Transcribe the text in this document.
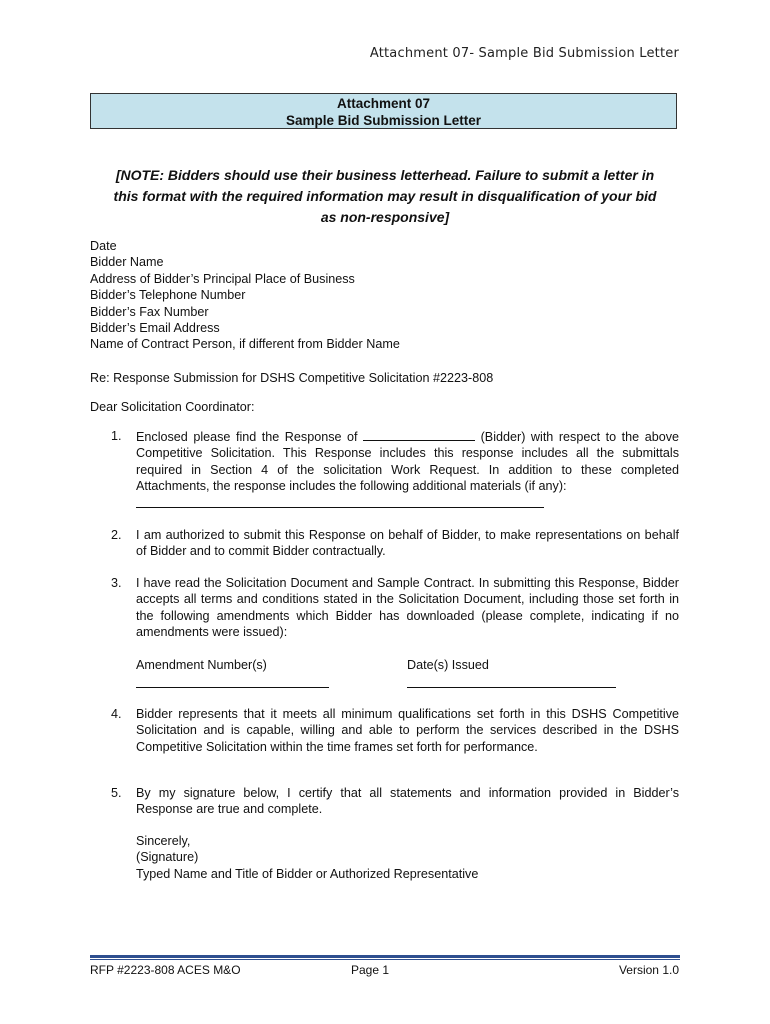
Attachment 07- Sample Bid Submission Letter
Attachment 07
Sample Bid Submission Letter
[NOTE: Bidders should use their business letterhead. Failure to submit a letter in
this format with the required information may result in disqualification of your bid
as non-responsive]
Date
Bidder Name
Address of Bidder’s Principal Place of Business
Bidder’s Telephone Number
Bidder’s Fax Number
Bidder’s Email Address
Name of Contract Person, if different from Bidder Name
Re: Response Submission for DSHS Competitive Solicitation #2223-808
Dear Solicitation Coordinator:
1. Enclosed please find the Response of	(Bidder) with respect to the above Competitive Solicitation. This Response includes this response includes all the submittals required in Section 4 of the solicitation Work Request. In addition to these completed Attachments, the response includes the following additional materials (if any):

2. I am authorized to submit this Response on behalf of Bidder, to make representations on behalf of Bidder and to commit Bidder contractually.
3. I have read the Solicitation Document and Sample Contract. In submitting this Response, Bidder accepts all terms and conditions stated in the Solicitation Document, including those set forth in the following amendments which Bidder has downloaded (please complete, indicating if no amendments were issued):
Amendment Number(s)	Date(s) Issued
4. Bidder represents that it meets all minimum qualifications set forth in this DSHS Competitive Solicitation and is capable, willing and able to perform the services described in the DSHS Competitive Solicitation within the time frames set forth for performance.
5. By my signature below, I certify that all statements and information provided in Bidder’s Response are true and complete.
Sincerely,
(Signature)
Typed Name and Title of Bidder or Authorized Representative
RFP #2223-808 ACES M&O	Page 1	Version 1.0
